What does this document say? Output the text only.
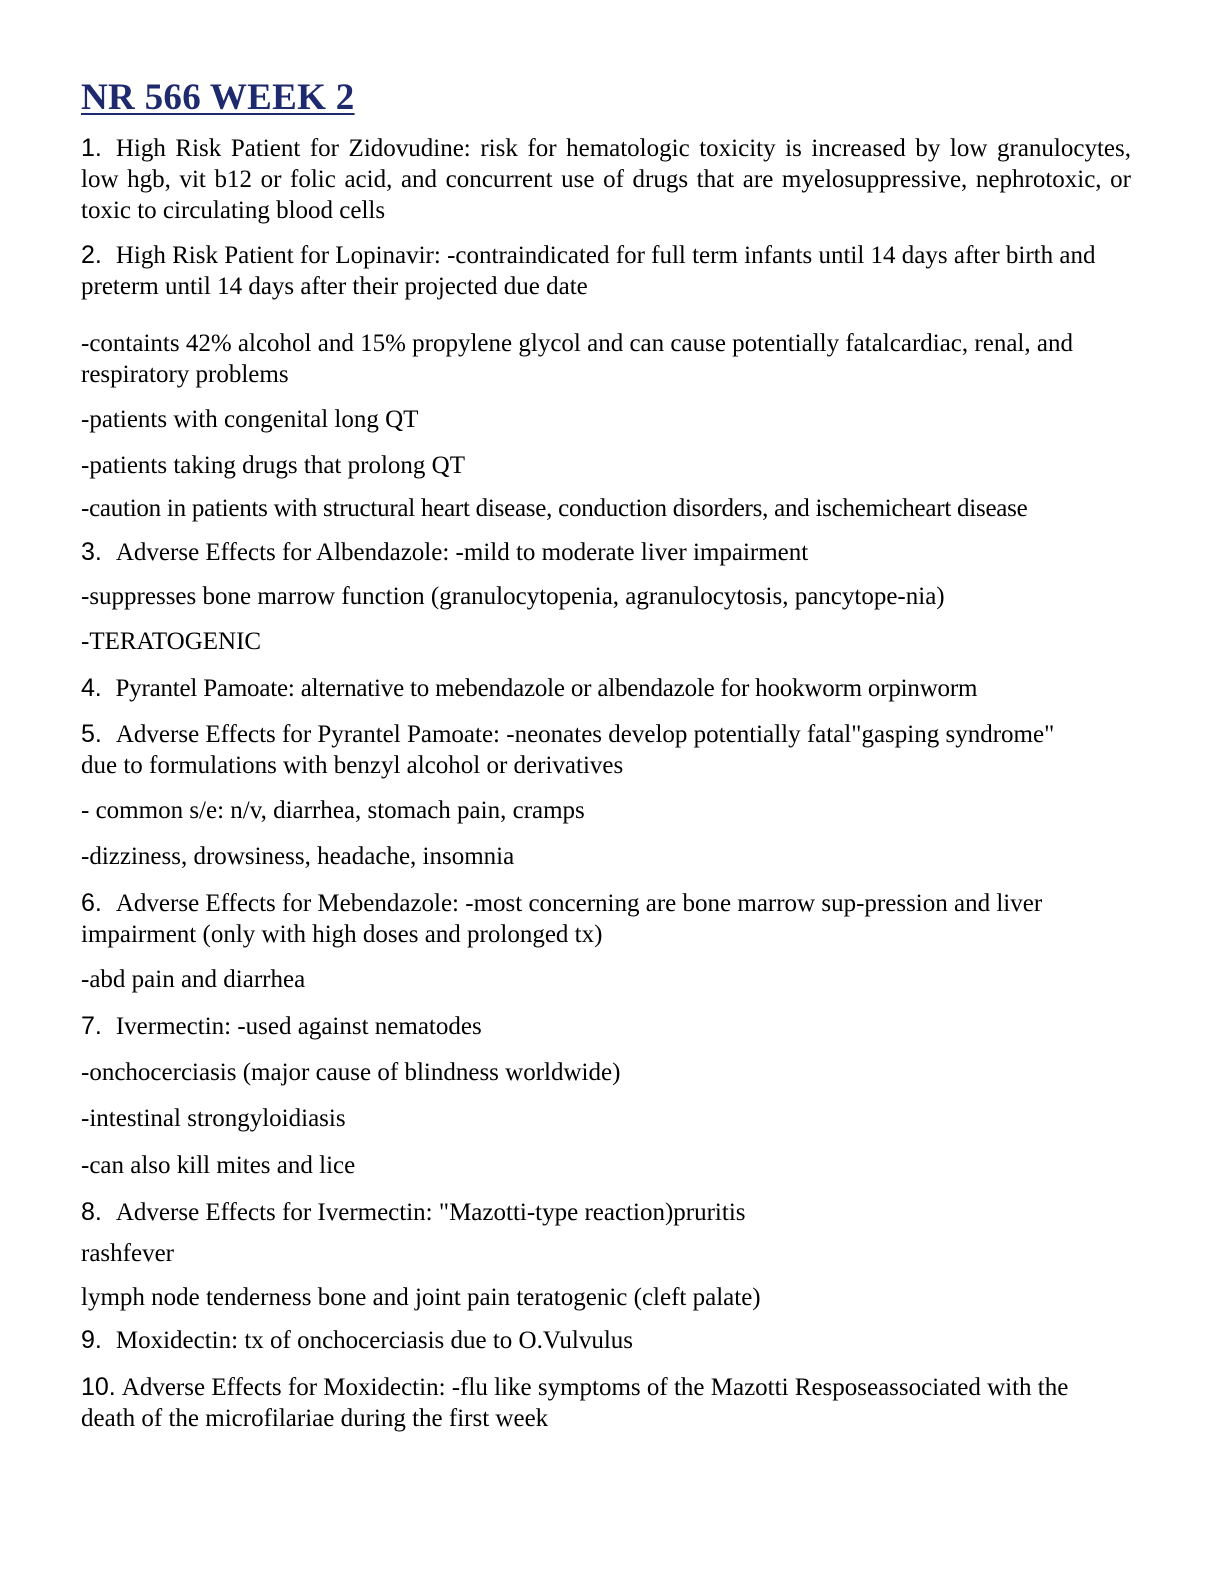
NR 566 WEEK 2
1. High Risk Patient for Zidovudine: risk for hematologic toxicity is increased by low granulocytes, low hgb, vit b12 or folic acid, and concurrent use of drugs that are myelosuppressive, nephrotoxic, or toxic to circulating blood cells
2. High Risk Patient for Lopinavir: -contraindicated for full term infants until 14 days after birth and preterm until 14 days after their projected due date
-containts 42% alcohol and 15% propylene glycol and can cause potentially fatalcardiac, renal, and respiratory problems
-patients with congenital long QT
-patients taking drugs that prolong QT
-caution in patients with structural heart disease, conduction disorders, and ischemicheart disease
3. Adverse Effects for Albendazole: -mild to moderate liver impairment
-suppresses bone marrow function (granulocytopenia, agranulocytosis, pancytope-nia)
-TERATOGENIC
4. Pyrantel Pamoate: alternative to mebendazole or albendazole for hookworm orpinworm
5. Adverse Effects for Pyrantel Pamoate: -neonates develop potentially fatal"gasping syndrome" due to formulations with benzyl alcohol or derivatives
- common s/e: n/v, diarrhea, stomach pain, cramps
-dizziness, drowsiness, headache, insomnia
6. Adverse Effects for Mebendazole: -most concerning are bone marrow sup-pression and liver impairment (only with high doses and prolonged tx)
-abd pain and diarrhea
7. Ivermectin: -used against nematodes
-onchocerciasis (major cause of blindness worldwide)
-intestinal strongyloidiasis
-can also kill mites and lice
8. Adverse Effects for Ivermectin: "Mazotti-type reaction)pruritis
rashfever
lymph node tenderness bone and joint pain teratogenic (cleft palate)
9. Moxidectin: tx of onchocerciasis due to O.Vulvulus
10. Adverse Effects for Moxidectin: -flu like symptoms of the Mazotti Resposeassociated with the death of the microfilariae during the first week
